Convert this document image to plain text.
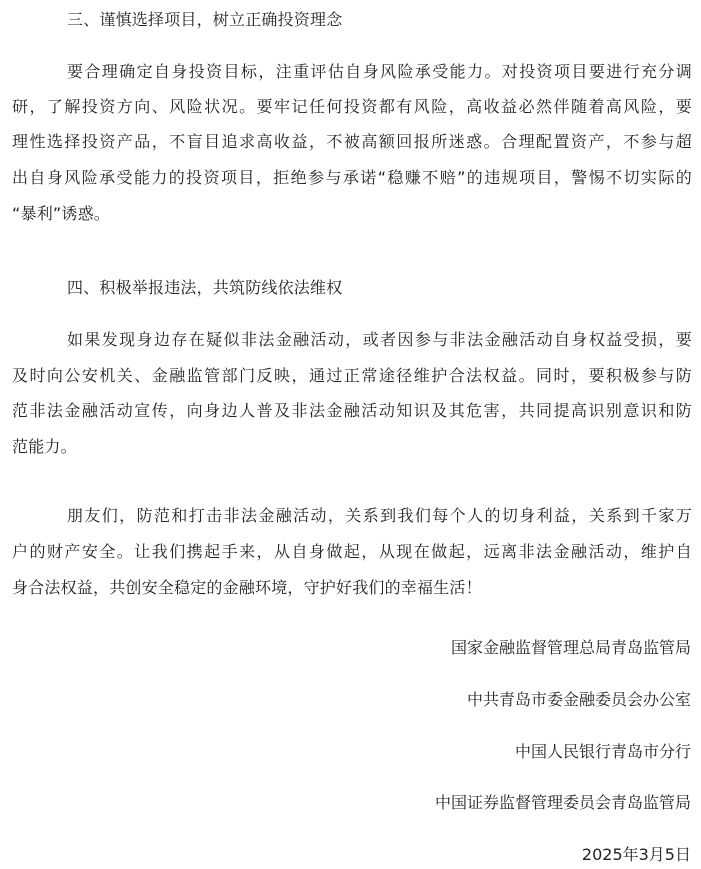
三、谨慎选择项目，树立正确投资理念
要合理确定自身投资目标，注重评估自身风险承受能力。对投资项目要进行充分调
研，了解投资方向、风险状况。要牢记任何投资都有风险，高收益必然伴随着高风险，要
理性选择投资产品，不盲目追求高收益，不被高额回报所迷惑。合理配置资产，不参与超
出自身风险承受能力的投资项目，拒绝参与承诺“稳赚不赔”的违规项目，警惕不切实际的
“暴利”诱惑。
四、积极举报违法，共筑防线依法维权
如果发现身边存在疑似非法金融活动，或者因参与非法金融活动自身权益受损，要
及时向公安机关、金融监管部门反映，通过正常途径维护合法权益。同时，要积极参与防
范非法金融活动宣传，向身边人普及非法金融活动知识及其危害，共同提高识别意识和防
范能力。
朋友们，防范和打击非法金融活动，关系到我们每个人的切身利益，关系到千家万
户的财产安全。让我们携起手来，从自身做起，从现在做起，远离非法金融活动，维护自
身合法权益，共创安全稳定的金融环境，守护好我们的幸福生活！
国家金融监督管理总局青岛监管局
中共青岛市委金融委员会办公室
中国人民银行青岛市分行
中国证券监督管理委员会青岛监管局
2025年3月5日
